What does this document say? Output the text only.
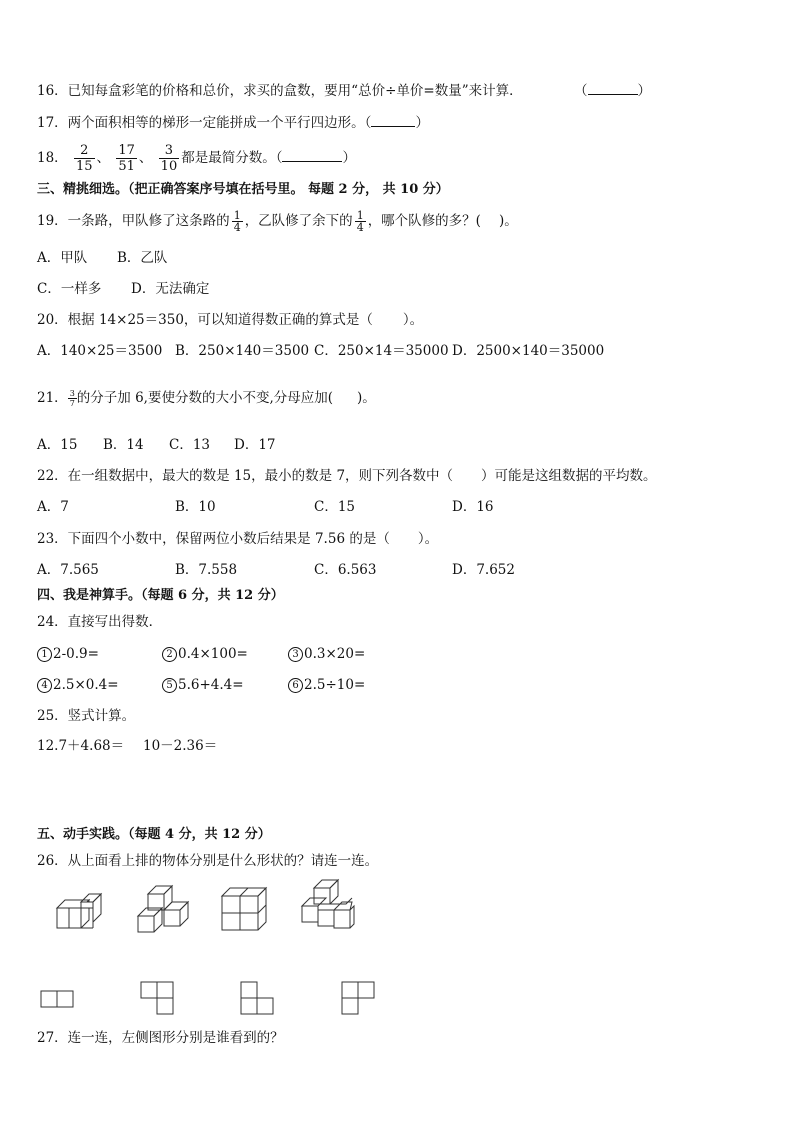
16．已知每盒彩笔的价格和总价，求买的盒数，要用“总价÷单价=数量”来计算．	（	）
17．两个面积相等的梯形一定能拼成一个平行四边形。（	）
18． $\frac{2}{15}$ 、 $\frac{17}{51}$ 、 $\frac{3}{10}$ 都是最简分数。（	）
三、精挑细选。（把正确答案序号填在括号里。 每题 2 分， 共 10 分）
19．一条路，甲队修了这条路的 $\frac{1}{4}$ ，乙队修了余下的 $\frac{1}{4}$ ，哪个队修的多？( )。
A．甲队 B．乙队
C．一样多 D．无法确定
20．根据 14×25＝350，可以知道得数正确的算式是（ ）。
A．140×25＝3500 B．250×140＝3500 C．250×14＝35000 D．2500×140＝35000
21． $\frac{3}{7}$ 的分子加 6,要使分数的大小不变,分母应加( )。
A．15 B．14 C．13 D．17
22．在一组数据中，最大的数是 15，最小的数是 7，则下列各数中（ ）可能是这组数据的平均数。
A．7	B．10	C．15	D．16
23．下面四个小数中，保留两位小数后结果是 7.56 的是（ ）。
A．7.565	B．7.558	C．6.563	D．7.652
四、我是神算手。（每题 6 分，共 12 分）
24．直接写出得数．
1 2-0.9=	2 0.4×100=	3 0.3×20=
4 2.5×0.4=	5 5.6+4.4=	6 2.5÷10=
25．竖式计算。
12.7＋4.68＝ 10－2.36＝
五、动手实践。（每题 4 分，共 12 分）
26．从上面看上排的物体分别是什么形状的？请连一连。
27．连一连，左侧图形分别是谁看到的？
